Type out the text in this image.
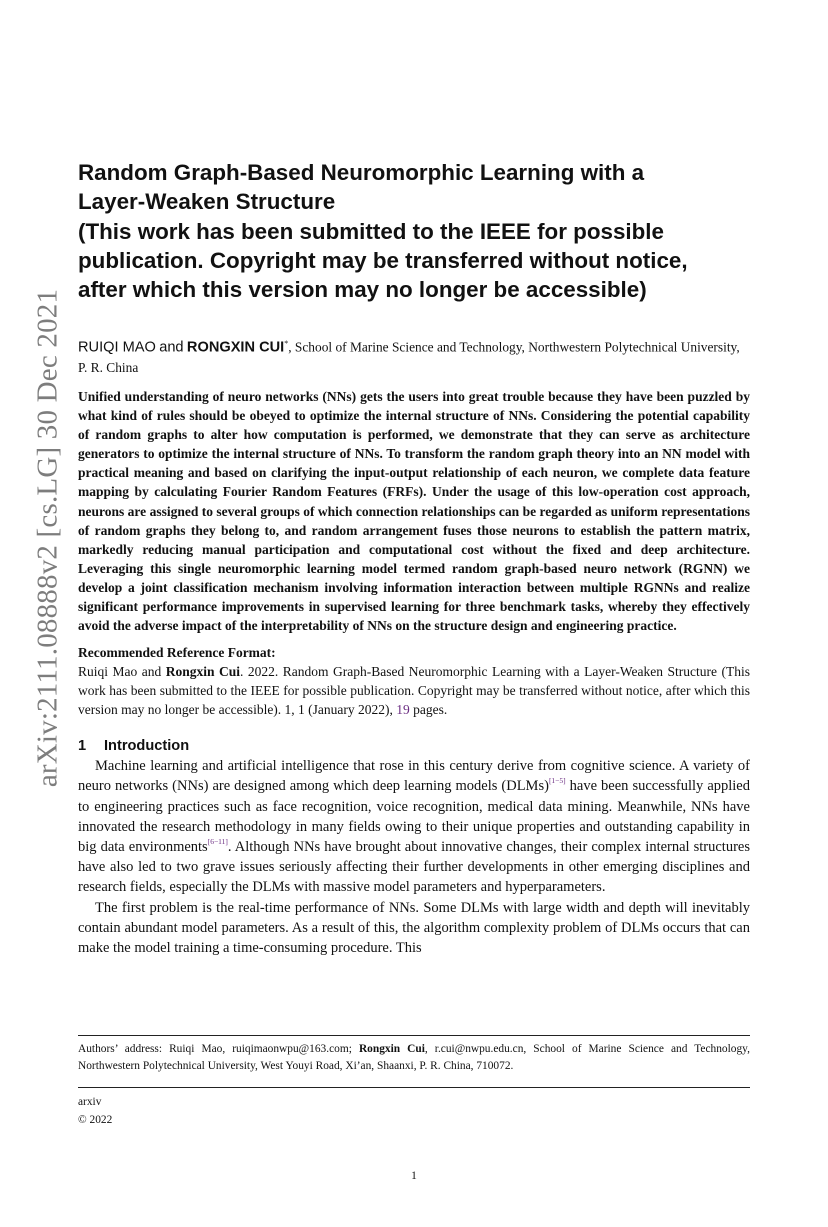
arXiv:2111.08888v2 [cs.LG] 30 Dec 2021
Random Graph-Based Neuromorphic Learning with a
Layer-Weaken Structure
(This work has been submitted to the IEEE for possible
publication. Copyright may be transferred without notice,
after which this version may no longer be accessible)
RUIQI MAO and RONGXIN CUI*, School of Marine Science and Technology, Northwestern Polytechnical University, P. R. China
Unified understanding of neuro networks (NNs) gets the users into great trouble because they have been puzzled by what kind of rules should be obeyed to optimize the internal structure of NNs. Considering the potential capability of random graphs to alter how computation is performed, we demonstrate that they can serve as architecture generators to optimize the internal structure of NNs. To transform the random graph theory into an NN model with practical meaning and based on clarifying the input-output relationship of each neuron, we complete data feature mapping by calculating Fourier Random Features (FRFs). Under the usage of this low-operation cost approach, neurons are assigned to several groups of which connection relationships can be regarded as uniform representations of random graphs they belong to, and random arrangement fuses those neurons to establish the pattern matrix, markedly reducing manual participation and computational cost without the fixed and deep architecture. Leveraging this single neuromorphic learning model termed random graph-based neuro network (RGNN) we develop a joint classification mechanism involving information interaction between multiple RGNNs and realize significant performance improvements in supervised learning for three benchmark tasks, whereby they effectively avoid the adverse impact of the interpretability of NNs on the structure design and engineering practice.
Recommended Reference Format:
Ruiqi Mao and Rongxin Cui. 2022. Random Graph-Based Neuromorphic Learning with a Layer-Weaken Structure (This work has been submitted to the IEEE for possible publication. Copyright may be transferred without notice, after which this version may no longer be accessible). 1, 1 (January 2022), 19 pages.
1 Introduction

Machine learning and artificial intelligence that rose in this century derive from cognitive science. A variety of neuro networks (NNs) are designed among which deep learning models (DLMs)[1−5] have been successfully applied to engineering practices such as face recognition, voice recognition, medical data mining. Meanwhile, NNs have innovated the research methodology in many fields owing to their unique properties and outstanding capability in big data environments[6−11]. Although NNs have brought about innovative changes, their complex internal structures have also led to two grave issues seriously affecting their further developments in other emerging disciplines and research fields, especially the DLMs with massive model parameters and hyperparameters.

The first problem is the real-time performance of NNs. Some DLMs with large width and depth will inevitably contain abundant model parameters. As a result of this, the algorithm complexity problem of DLMs occurs that can make the model training a time-consuming procedure. This

Authors’ address: Ruiqi Mao, ruiqimaonwpu@163.com; Rongxin Cui, r.cui@nwpu.edu.cn, School of Marine Science and Technology, Northwestern Polytechnical University, West Youyi Road, Xi’an, Shaanxi, P. R. China, 710072.
arxiv
© 2022
1
